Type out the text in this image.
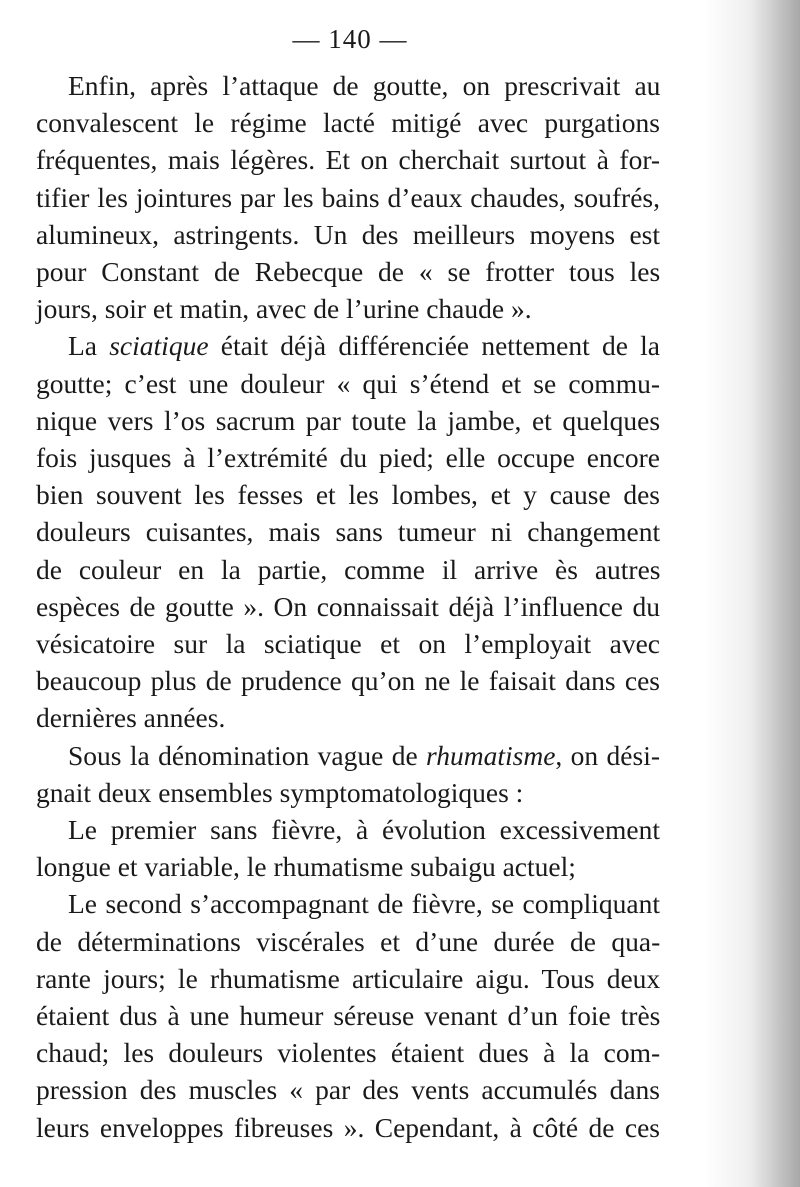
— 140 —
Enfin, après l’attaque de goutte, on prescrivait au
convalescent le régime lacté mitigé avec purgations
fréquentes, mais légères. Et on cherchait surtout à for-
tifier les jointures par les bains d’eaux chaudes, soufrés,
alumineux, astringents. Un des meilleurs moyens est
pour Constant de Rebecque de « se frotter tous les
jours, soir et matin, avec de l’urine chaude ».
La sciatique était déjà différenciée nettement de la
goutte; c’est une douleur « qui s’étend et se commu-
nique vers l’os sacrum par toute la jambe, et quelques
fois jusques à l’extrémité du pied; elle occupe encore
bien souvent les fesses et les lombes, et y cause des
douleurs cuisantes, mais sans tumeur ni changement
de couleur en la partie, comme il arrive ès autres
espèces de goutte ». On connaissait déjà l’influence du
vésicatoire sur la sciatique et on l’employait avec
beaucoup plus de prudence qu’on ne le faisait dans ces
dernières années.
Sous la dénomination vague de rhumatisme, on dési-
gnait deux ensembles symptomatologiques :
Le premier sans fièvre, à évolution excessivement
longue et variable, le rhumatisme subaigu actuel;
Le second s’accompagnant de fièvre, se compliquant
de déterminations viscérales et d’une durée de qua-
rante jours; le rhumatisme articulaire aigu. Tous deux
étaient dus à une humeur séreuse venant d’un foie très
chaud; les douleurs violentes étaient dues à la com-
pression des muscles « par des vents accumulés dans
leurs enveloppes fibreuses ». Cependant, à côté de ces
